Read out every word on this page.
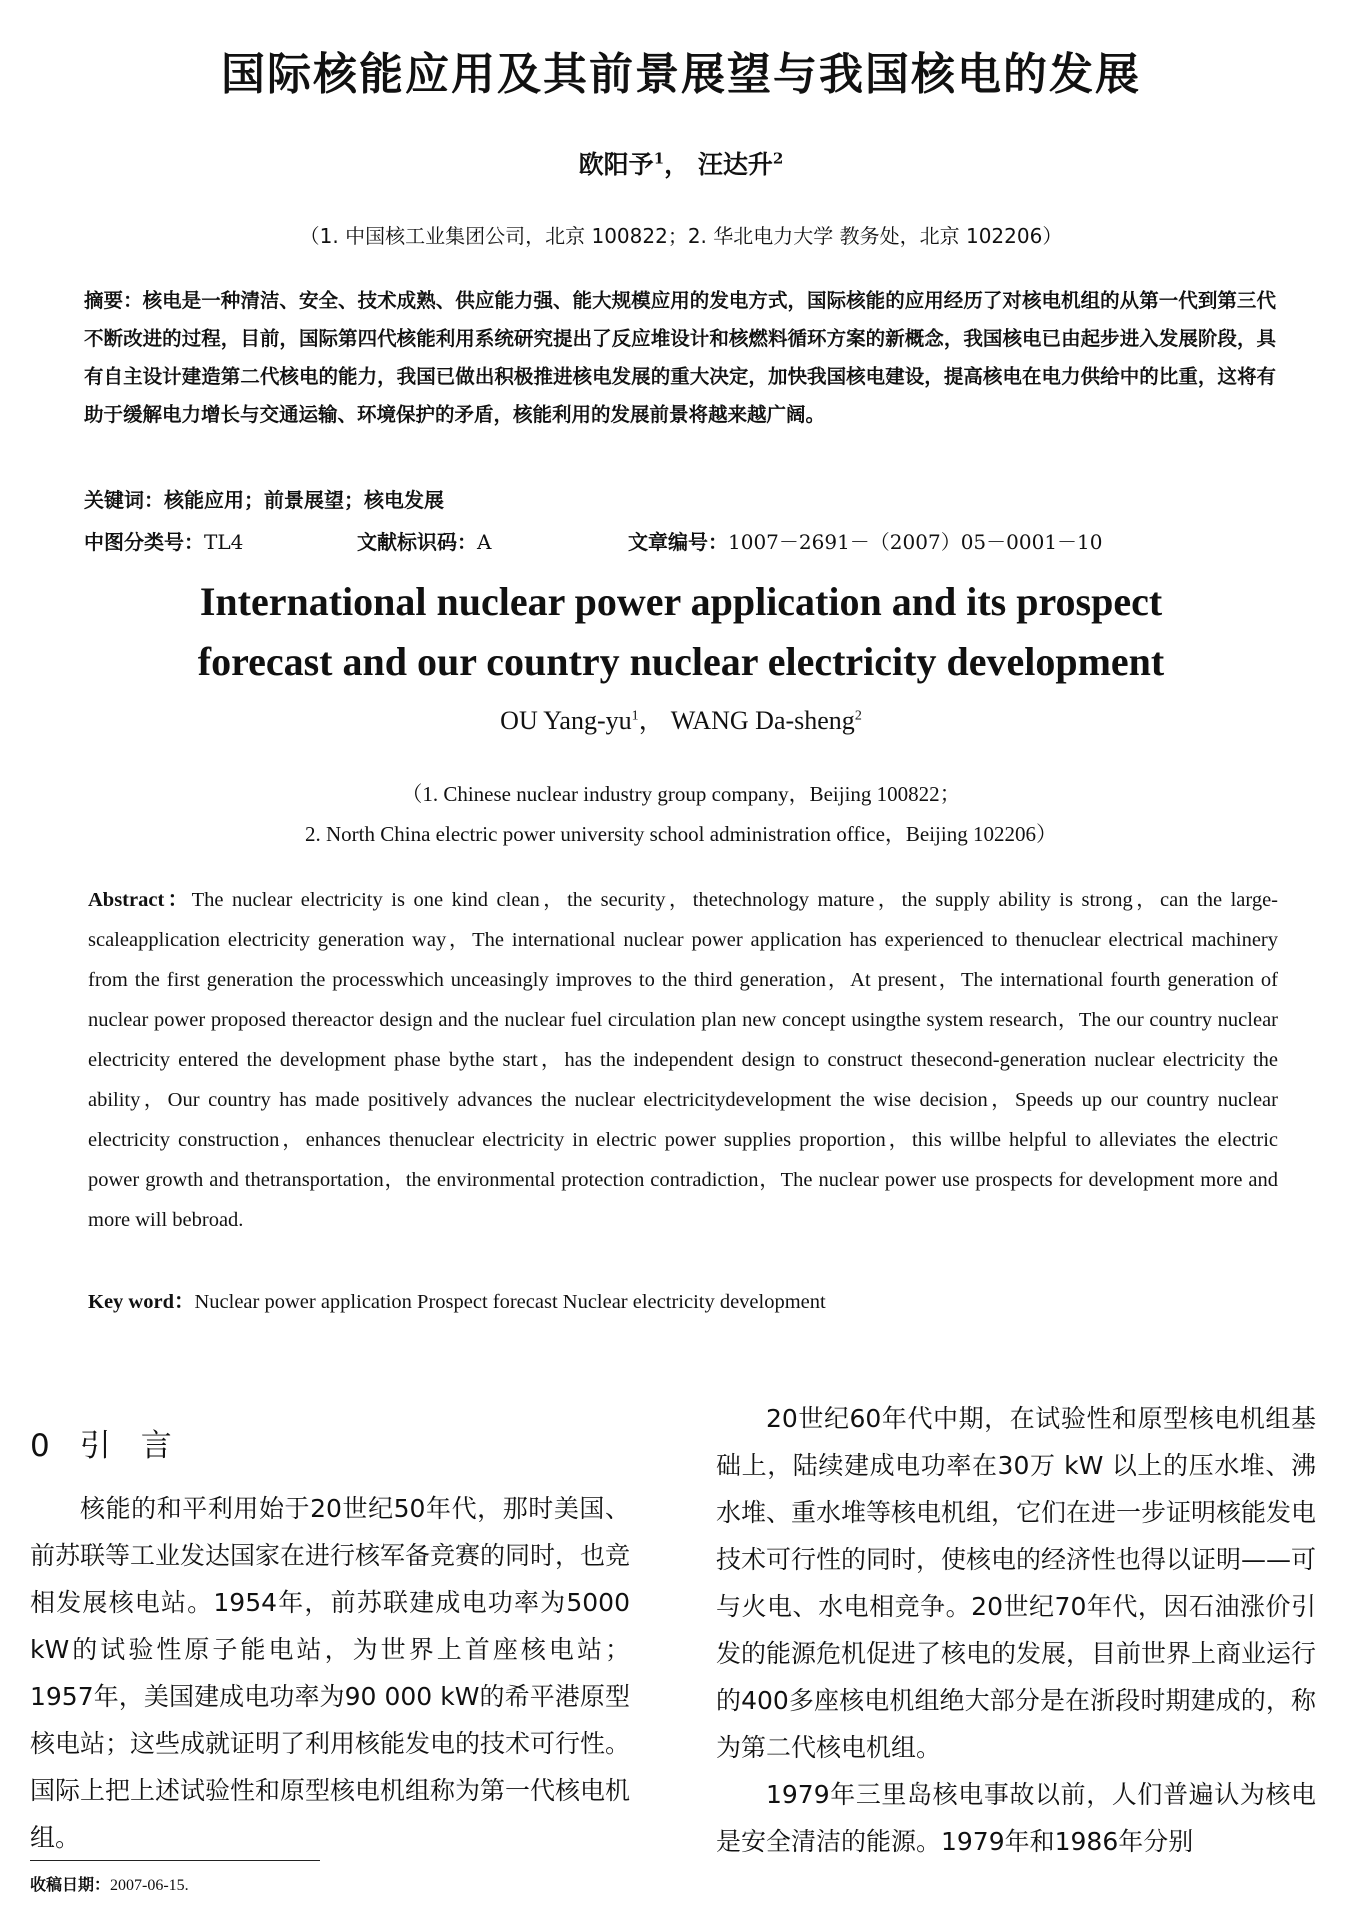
国际核能应用及其前景展望与我国核电的发展
欧阳予$^1$， 汪达升$^2$
（1. 中国核工业集团公司，北京 100822；2. 华北电力大学 教务处，北京 102206）
摘要：核电是一种清洁、安全、技术成熟、供应能力强、能大规模应用的发电方式，国际核能的应用经历了对核电机组的从第一代到第三代不断改进的过程，目前，国际第四代核能利用系统研究提出了反应堆设计和核燃料循环方案的新概念，我国核电已由起步进入发展阶段，具有自主设计建造第二代核电的能力，我国已做出积极推进核电发展的重大决定，加快我国核电建设，提高核电在电力供给中的比重，这将有助于缓解电力增长与交通运输、环境保护的矛盾，核能利用的发展前景将越来越广阔。
关键词：核能应用；前景展望；核电发展
中图分类号：TL4	文献标识码：A	文章编号：1007－2691－（2007）05－0001－10
International nuclear power application and its prospect
forecast and our country nuclear electricity development
OU Yang-$yu^1$， WANG Da-sheng$^2$
（1. Chinese nuclear industry group company，Beijing 100822；
2. North China electric power university school administration office，Beijing 102206）
Abstract：The nuclear electricity is one kind clean，the security，thetechnology mature，the supply ability is strong，can the large-scaleapplication electricity generation way，The international nuclear power application has experienced to thenuclear electrical machinery from the first generation the processwhich unceasingly improves to the third generation，At present，The international fourth generation of nuclear power proposed thereactor design and the nuclear fuel circulation plan new concept usingthe system research，The our country nuclear electricity entered the development phase bythe start，has the independent design to construct thesecond-generation nuclear electricity the ability，Our country has made positively advances the nuclear electricitydevelopment the wise decision，Speeds up our country nuclear electricity construction，enhances thenuclear electricity in electric power supplies proportion，this willbe helpful to alleviates the electric power growth and thetransportation，the environmental protection contradiction，The nuclear power use prospects for development more and more will bebroad.
Key word：Nuclear power application Prospect forecast Nuclear electricity development
0 引 言

核能的和平利用始于20世纪50年代，那时美国、前苏联等工业发达国家在进行核军备竞赛的同时，也竞相发展核电站。1954年，前苏联建成电功率为5000 kW的试验性原子能电站，为世界上首座核电站；1957年，美国建成电功率为90 000 kW的希平港原型核电站；这些成就证明了利用核能发电的技术可行性。国际上把上述试验性和原型核电机组称为第一代核电机组。

20世纪60年代中期，在试验性和原型核电机组基础上，陆续建成电功率在30万 kW 以上的压水堆、沸水堆、重水堆等核电机组，它们在进一步证明核能发电技术可行性的同时，使核电的经济性也得以证明——可与火电、水电相竞争。20世纪70年代，因石油涨价引发的能源危机促进了核电的发展，目前世界上商业运行的400多座核电机组绝大部分是在浙段时期建成的，称为第二代核电机组。

1979年三里岛核电事故以前，人们普遍认为核电是安全清洁的能源。1979年和1986年分别

收稿日期：2007-06-15.
